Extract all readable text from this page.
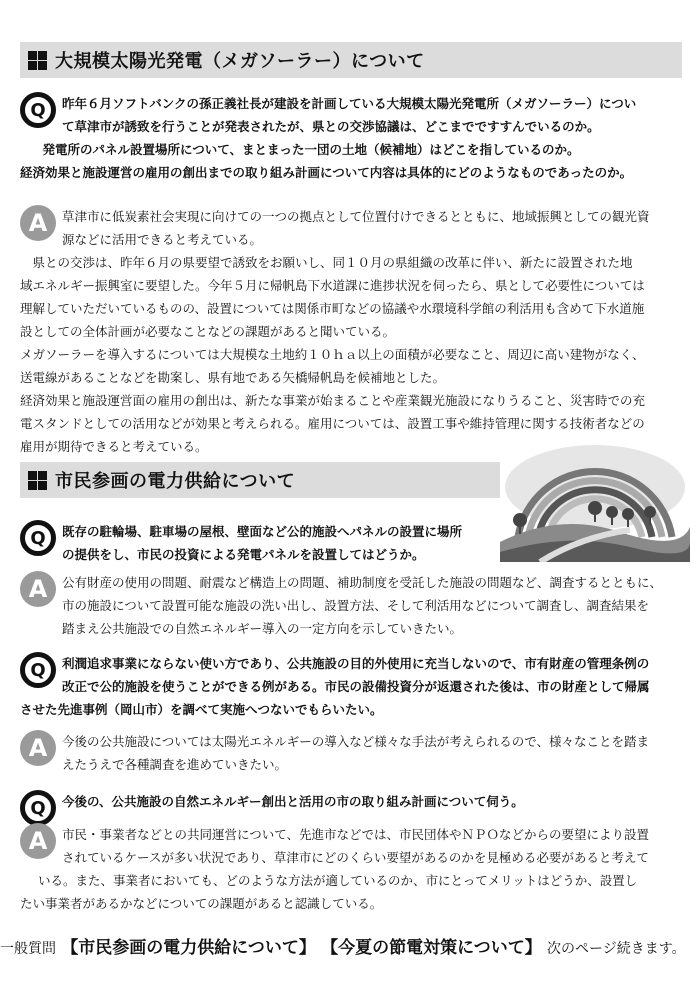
大規模太陽光発電（メガソーラー）について
Q	昨年６月ソフトバンクの孫正義社長が建設を計画している大規模太陽光発電所（メガソーラー）につい

て草津市が誘致を行うことが発表されたが、県との交渉協議は、どこまでですすんでいるのか。

　発電所のパネル設置場所について、まとまった一団の土地（候補地）はどこを指しているのか。

経済効果と施設運営の雇用の創出までの取り組み計画について内容は具体的にどのようなものであったのか。

A	草津市に低炭素社会実現に向けての一つの拠点として位置付けできるとともに、地域振興としての観光資

源などに活用できると考えている。

　県との交渉は、昨年６月の県要望で誘致をお願いし、同１０月の県組織の改革に伴い、新たに設置された地

域エネルギー振興室に要望した。今年５月に帰帆島下水道課に進捗状況を伺ったら、県として必要性については

理解していただいているものの、設置については関係市町などの協議や水環境科学館の利活用も含めて下水道施

設としての全体計画が必要なことなどの課題があると聞いている。

メガソーラーを導入するについては大規模な土地約１０ｈａ以上の面積が必要なこと、周辺に高い建物がなく、

送電線があることなどを勘案し、県有地である矢橋帰帆島を候補地とした。

経済効果と施設運営面の雇用の創出は、新たな事業が始まることや産業観光施設になりうること、災害時での充

電スタンドとしての活用などが効果と考えられる。雇用については、設置工事や維持管理に関する技術者などの

雇用が期待できると考えている。

市民参画の電力供給について
Q	既存の駐輪場、駐車場の屋根、壁面など公的施設へパネルの設置に場所

の提供をし、市民の投資による発電パネルを設置してはどうか。

A	公有財産の使用の問題、耐震など構造上の問題、補助制度を受託した施設の問題など、調査するとともに、

市の施設について設置可能な施設の洗い出し、設置方法、そして利活用などについて調査し、調査結果を

踏まえ公共施設での自然エネルギー導入の一定方向を示していきたい。

Q	利潤追求事業にならない使い方であり、公共施設の目的外使用に充当しないので、市有財産の管理条例の

改正で公的施設を使うことができる例がある。市民の設備投資分が返還された後は、市の財産として帰属

させた先進事例（岡山市）を調べて実施へつないでもらいたい。

A	今後の公共施設については太陽光エネルギーの導入など様々な手法が考えられるので、様々なことを踏ま

えたうえで各種調査を進めていきたい。

Q	今後の、公共施設の自然エネルギー創出と活用の市の取り組み計画について伺う。

A	市民・事業者などとの共同運営について、先進市などでは、市民団体やＮＰＯなどからの要望により設置

されているケースが多い状況であり、草津市にどのくらい要望があるのかを見極める必要があると考えて

いる。また、事業者においても、どのような方法が適しているのか、市にとってメリットはどうか、設置し

たい事業者があるかなどについての課題があると認識している。

一般質問 【市民参画の電力供給について】 【今夏の節電対策について】 次のページ続きます。
